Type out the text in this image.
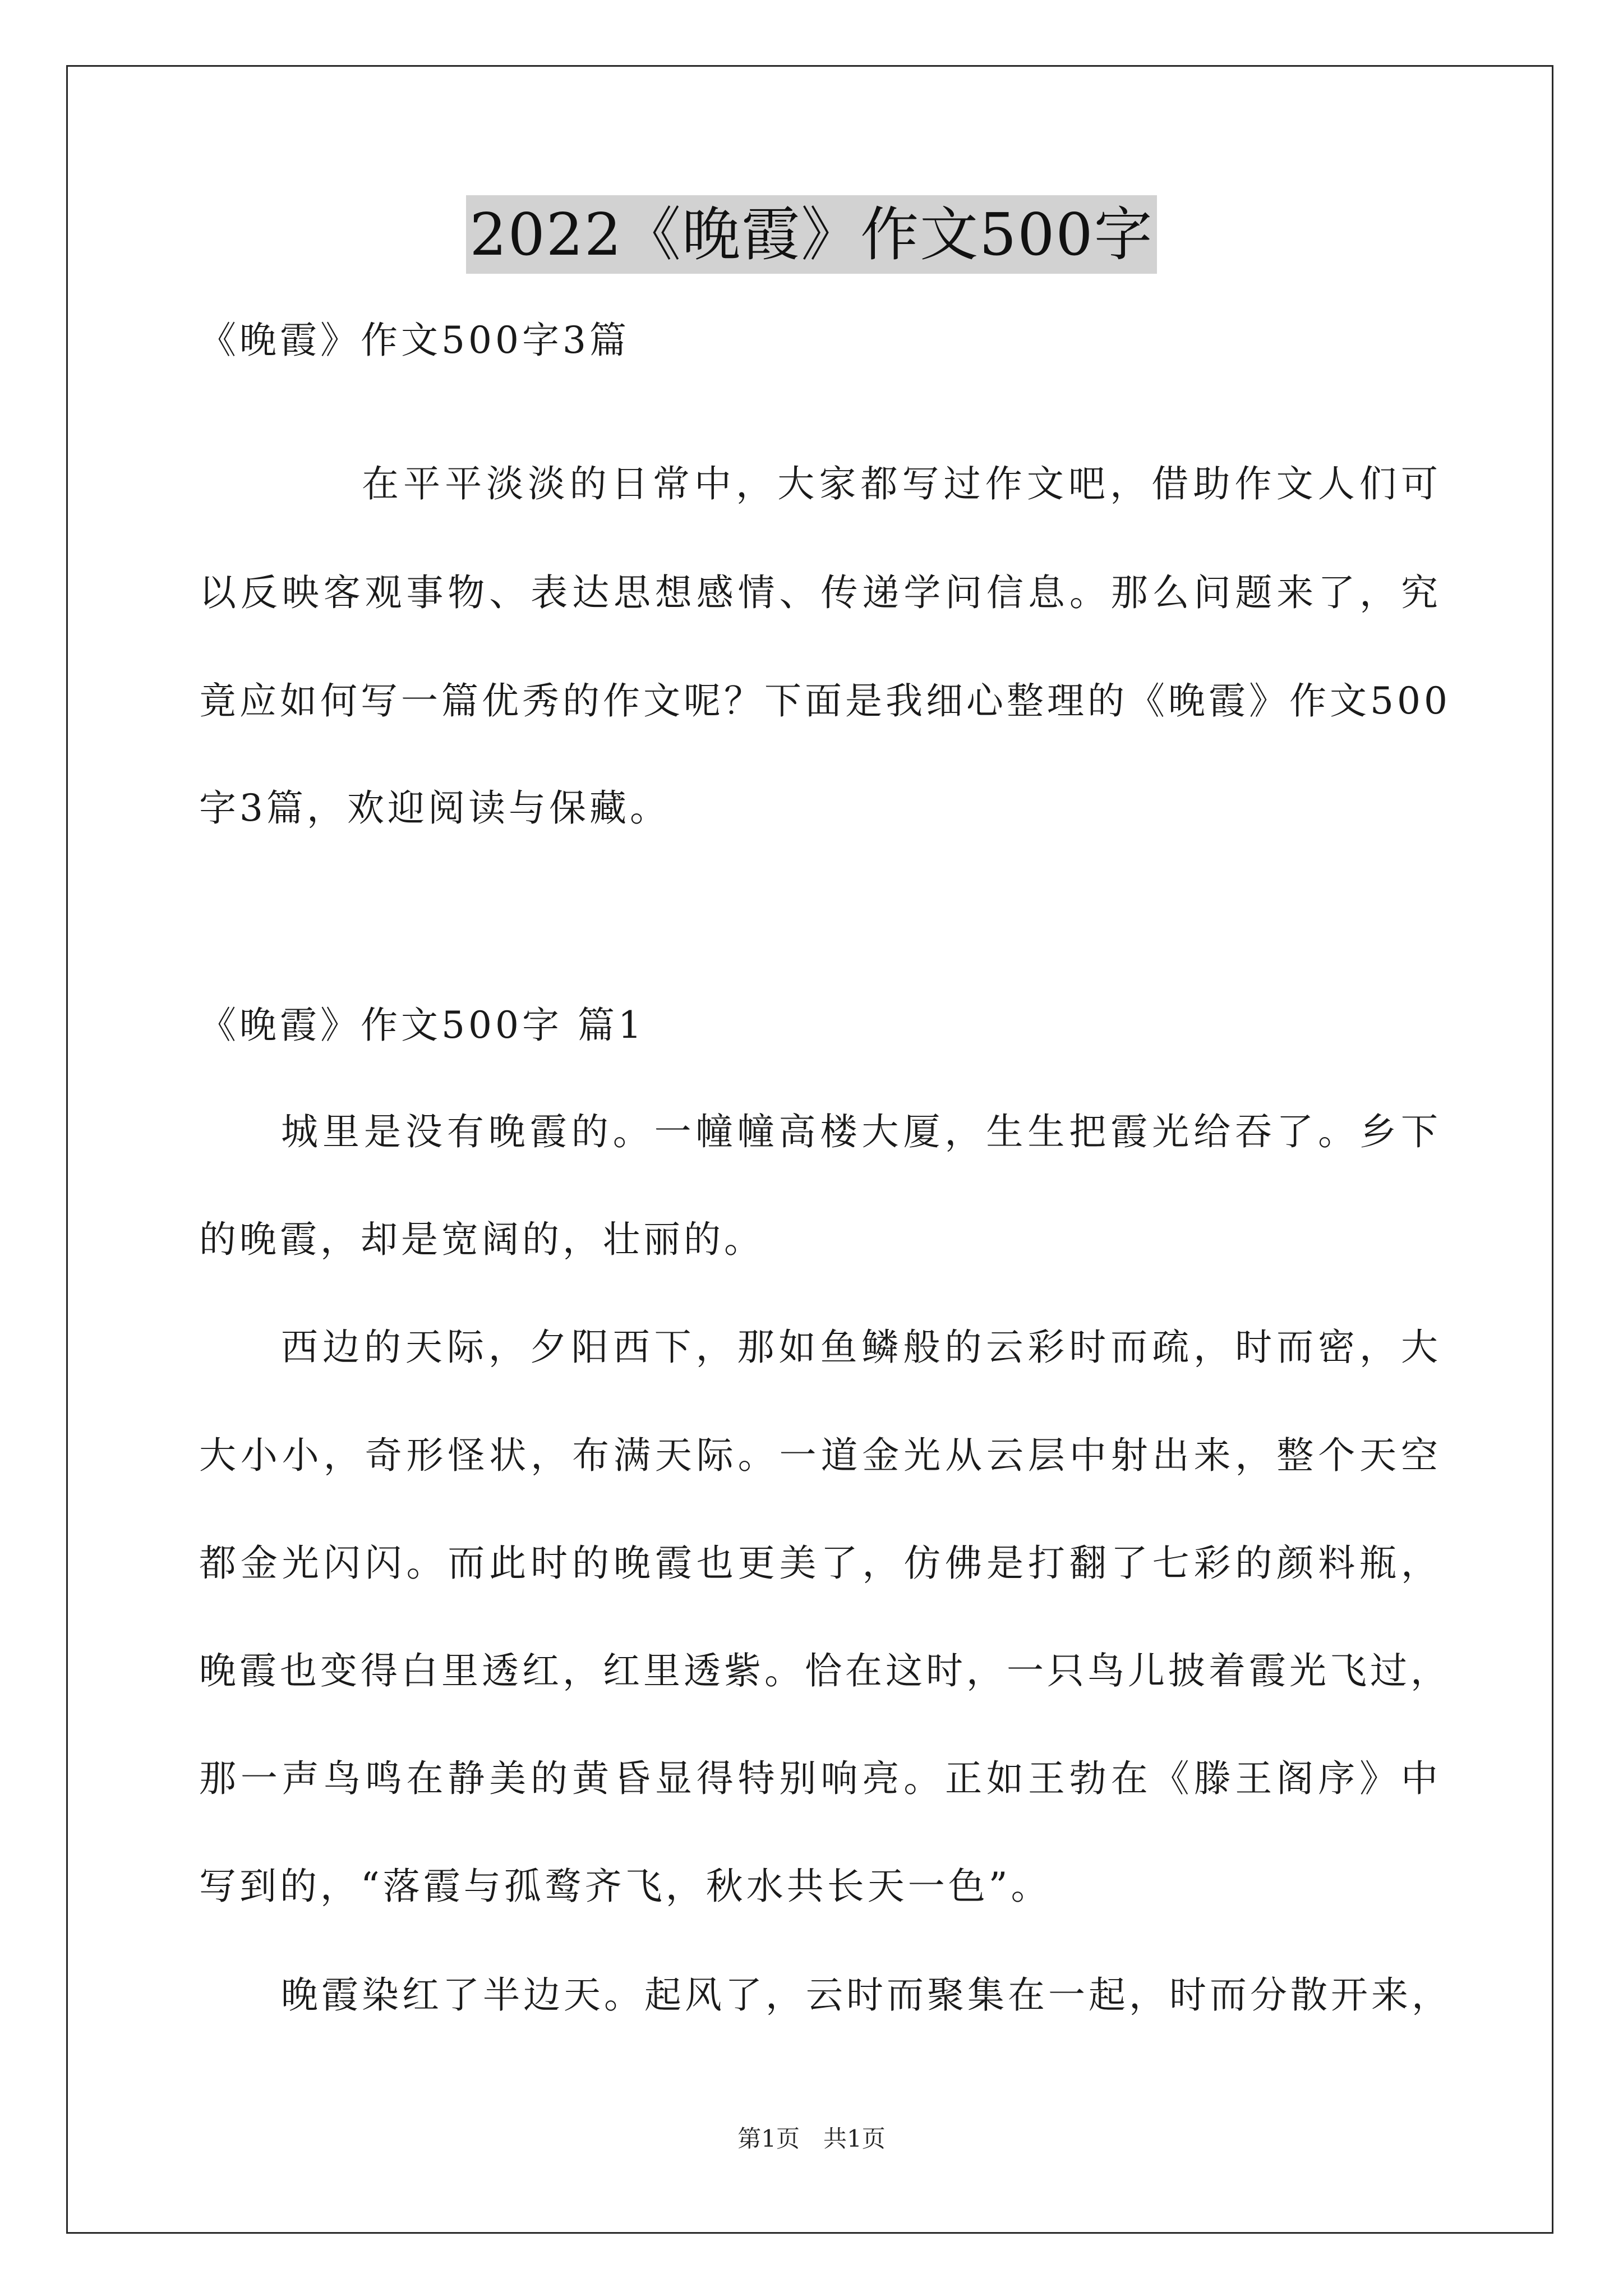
2022《晚霞》作文500字
《晚霞》作文500字3篇
在平平淡淡的日常中，大家都写过作文吧，借助作文人们可
以反映客观事物、表达思想感情、传递学问信息。那么问题来了，究
竟应如何写一篇优秀的作文呢？下面是我细心整理的《晚霞》作文500
字3篇，欢迎阅读与保藏。
《晚霞》作文500字 篇1
城里是没有晚霞的。一幢幢高楼大厦，生生把霞光给吞了。乡下
的晚霞，却是宽阔的，壮丽的。
西边的天际，夕阳西下，那如鱼鳞般的云彩时而疏，时而密，大
大小小，奇形怪状，布满天际。一道金光从云层中射出来，整个天空
都金光闪闪。而此时的晚霞也更美了，仿佛是打翻了七彩的颜料瓶，
晚霞也变得白里透红，红里透紫。恰在这时，一只鸟儿披着霞光飞过，
那一声鸟鸣在静美的黄昏显得特别响亮。正如王勃在《滕王阁序》中
写到的，“落霞与孤鹜齐飞，秋水共长天一色”。
晚霞染红了半边天。起风了，云时而聚集在一起，时而分散开来，
第1页　共1页
